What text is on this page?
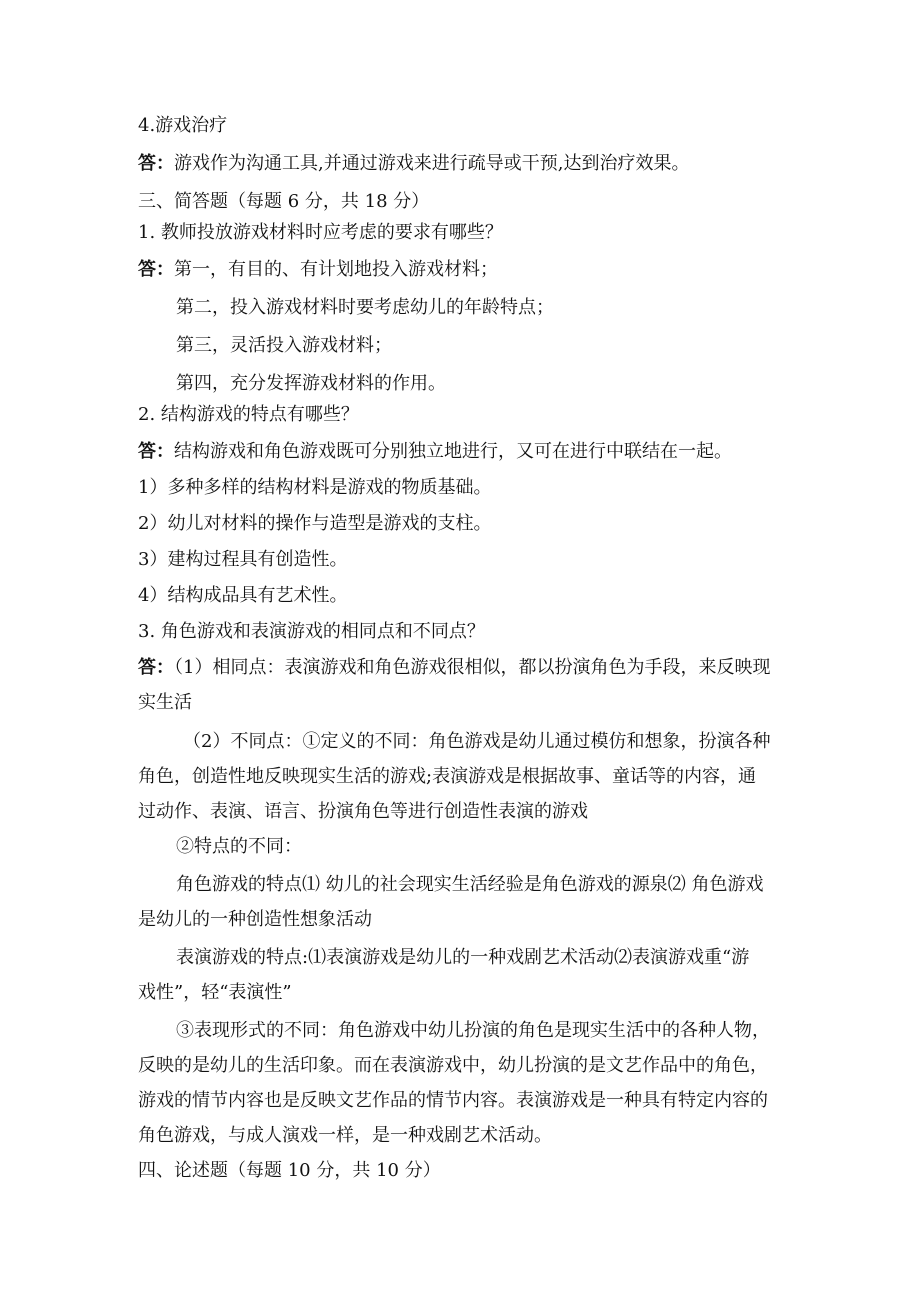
4.游戏治疗
答：游戏作为沟通工具,并通过游戏来进行疏导或干预,达到治疗效果。
三、简答题（每题 6 分，共 18 分）
1. 教师投放游戏材料时应考虑的要求有哪些？
答：第一，有目的、有计划地投入游戏材料；
第二，投入游戏材料时要考虑幼儿的年龄特点；
第三，灵活投入游戏材料；
第四，充分发挥游戏材料的作用。
2. 结构游戏的特点有哪些？
答：结构游戏和角色游戏既可分别独立地进行，又可在进行中联结在一起。
1）多种多样的结构材料是游戏的物质基础。
2）幼儿对材料的操作与造型是游戏的支柱。
3）建构过程具有创造性。
4）结构成品具有艺术性。
3. 角色游戏和表演游戏的相同点和不同点？
答：（1）相同点：表演游戏和角色游戏很相似，都以扮演角色为手段，来反映现
实生活
（2）不同点：①定义的不同：角色游戏是幼儿通过模仿和想象，扮演各种
角色，创造性地反映现实生活的游戏;表演游戏是根据故事、童话等的内容，通
过动作、表演、语言、扮演角色等进行创造性表演的游戏
②特点的不同：
角色游戏的特点⑴ 幼儿的社会现实生活经验是角色游戏的源泉⑵ 角色游戏
是幼儿的一种创造性想象活动
表演游戏的特点:⑴表演游戏是幼儿的一种戏剧艺术活动⑵表演游戏重“游
戏性”，轻“表演性”
③表现形式的不同：角色游戏中幼儿扮演的角色是现实生活中的各种人物，
反映的是幼儿的生活印象。而在表演游戏中，幼儿扮演的是文艺作品中的角色，
游戏的情节内容也是反映文艺作品的情节内容。表演游戏是一种具有特定内容的
角色游戏，与成人演戏一样，是一种戏剧艺术活动。
四、论述题（每题 10 分，共 10 分）
